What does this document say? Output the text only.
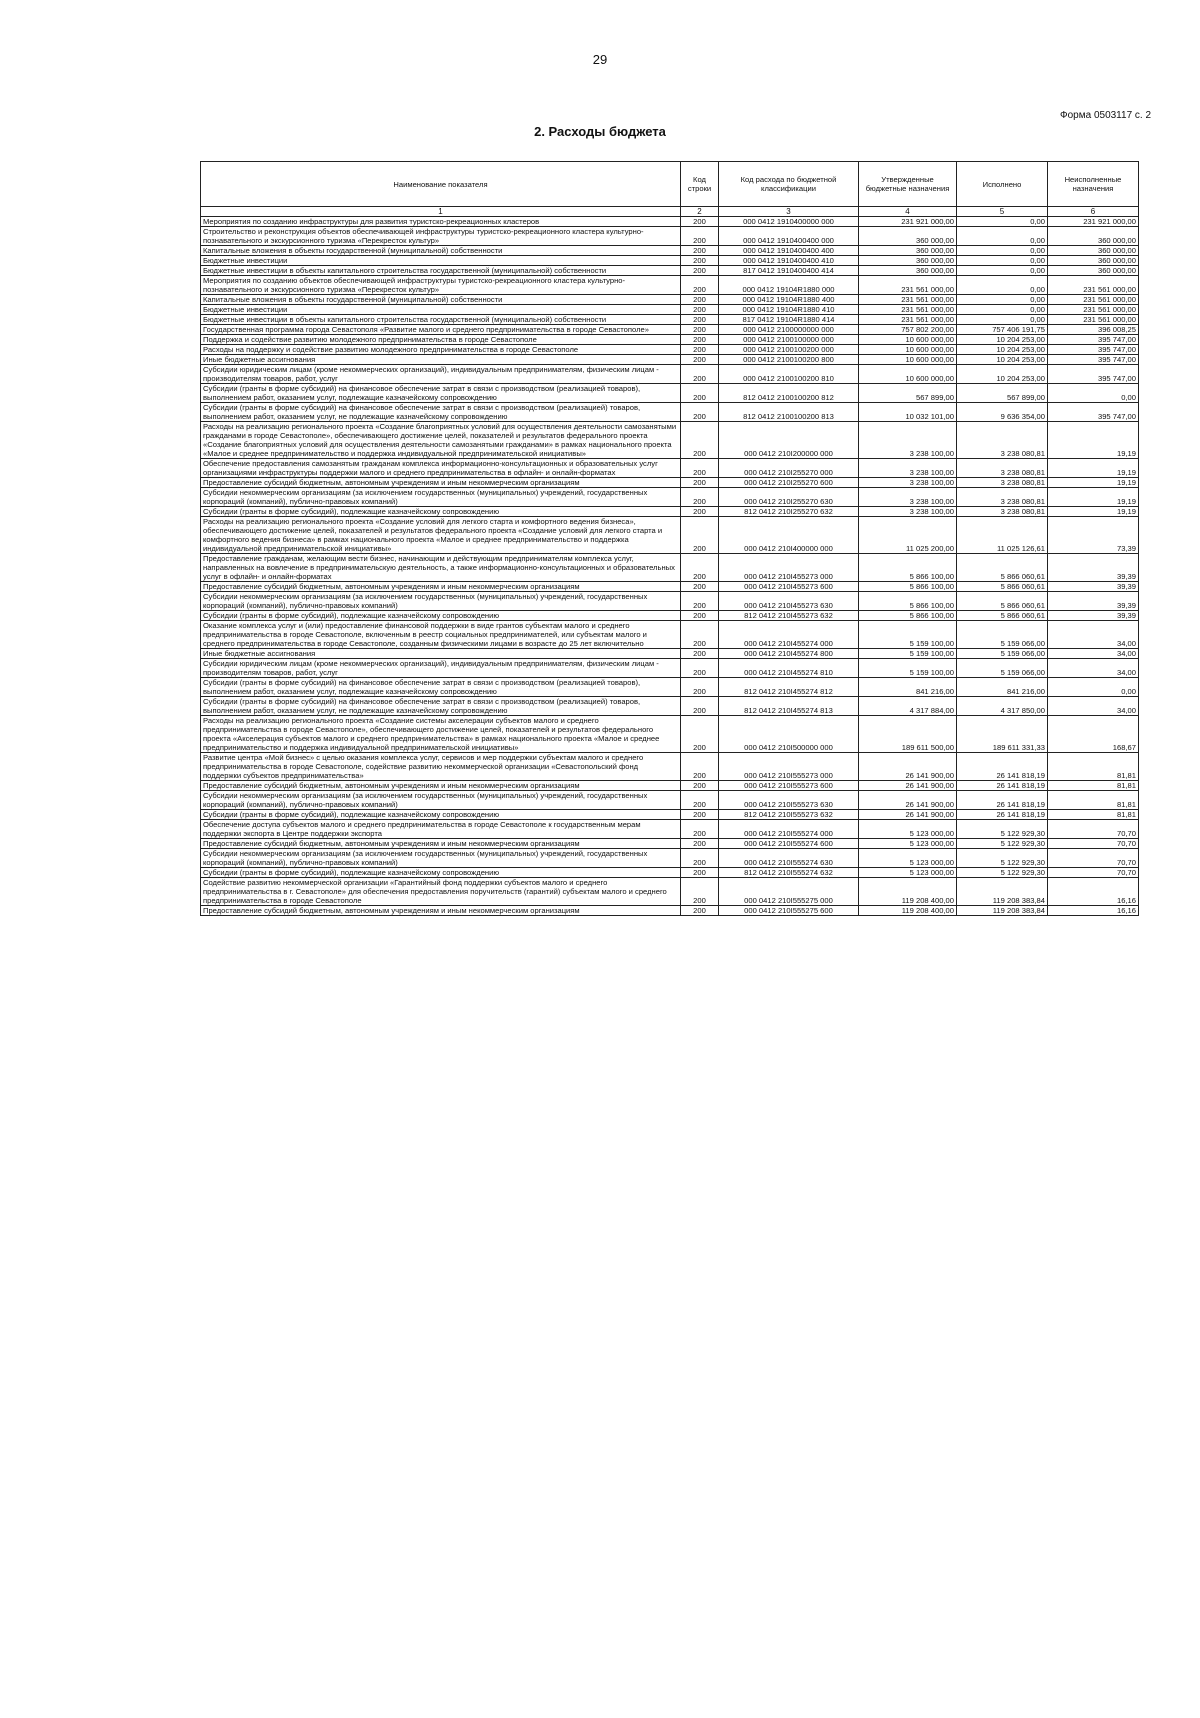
29
Форма 0503117 с. 2
2. Расходы бюджета
Наименование показателя	Код строки	Код расхода по бюджетной классификации	Утвержденные бюджетные назначения	Исполнено	Неисполненные назначения
1	2	3	4	5	6
Мероприятия по созданию инфраструктуры для развития туристско-рекреационных кластеров	200	000 0412 1910400000 000	231 921 000,00	0,00	231 921 000,00
Строительство и реконструкция объектов обеспечивающей инфраструктуры туристско-рекреационного кластера культурно-познавательного и экскурсионного туризма «Перекресток культур»	200	000 0412 1910400400 000	360 000,00	0,00	360 000,00
Капитальные вложения в объекты государственной (муниципальной) собственности	200	000 0412 1910400400 400	360 000,00	0,00	360 000,00
Бюджетные инвестиции	200	000 0412 1910400400 410	360 000,00	0,00	360 000,00
Бюджетные инвестиции в объекты капитального строительства государственной (муниципальной) собственности	200	817 0412 1910400400 414	360 000,00	0,00	360 000,00
Мероприятия по созданию объектов обеспечивающей инфраструктуры туристско-рекреационного кластера культурно-познавательного и экскурсионного туризма «Перекресток культур»	200	000 0412 19104R1880 000	231 561 000,00	0,00	231 561 000,00
Капитальные вложения в объекты государственной (муниципальной) собственности	200	000 0412 19104R1880 400	231 561 000,00	0,00	231 561 000,00
Бюджетные инвестиции	200	000 0412 19104R1880 410	231 561 000,00	0,00	231 561 000,00
Бюджетные инвестиции в объекты капитального строительства государственной (муниципальной) собственности	200	817 0412 19104R1880 414	231 561 000,00	0,00	231 561 000,00
Государственная программа города Севастополя «Развитие малого и среднего предпринимательства в городе Севастополе»	200	000 0412 2100000000 000	757 802 200,00	757 406 191,75	396 008,25
Поддержка и содействие развитию молодежного предпринимательства в городе Севастополе	200	000 0412 2100100000 000	10 600 000,00	10 204 253,00	395 747,00
Расходы на поддержку и содействие развитию молодежного предпринимательства в городе Севастополе	200	000 0412 2100100200 000	10 600 000,00	10 204 253,00	395 747,00
Иные бюджетные ассигнования	200	000 0412 2100100200 800	10 600 000,00	10 204 253,00	395 747,00
Субсидии юридическим лицам (кроме некоммерческих организаций), индивидуальным предпринимателям, физическим лицам - производителям товаров, работ, услуг	200	000 0412 2100100200 810	10 600 000,00	10 204 253,00	395 747,00
Субсидии (гранты в форме субсидий) на финансовое обеспечение затрат в связи с производством (реализацией товаров), выполнением работ, оказанием услуг, подлежащие казначейскому сопровождению	200	812 0412 2100100200 812	567 899,00	567 899,00	0,00
Субсидии (гранты в форме субсидий) на финансовое обеспечение затрат в связи с производством (реализацией) товаров, выполнением работ, оказанием услуг, не подлежащие казначейскому сопровождению	200	812 0412 2100100200 813	10 032 101,00	9 636 354,00	395 747,00
Расходы на реализацию регионального проекта «Создание благоприятных условий для осуществления деятельности самозанятыми гражданами в городе Севастополе», обеспечивающего достижение целей, показателей и результатов федерального проекта «Создание благоприятных условий для осуществления деятельности самозанятыми гражданами» в рамках национального проекта «Малое и среднее предпринимательство и поддержка индивидуальной предпринимательской инициативы»	200	000 0412 210I200000 000	3 238 100,00	3 238 080,81	19,19
Обеспечение предоставления самозанятым гражданам комплекса информационно-консультационных и образовательных услуг организациями инфраструктуры поддержки малого и среднего предпринимательства в офлайн- и онлайн-форматах	200	000 0412 210I255270 000	3 238 100,00	3 238 080,81	19,19
Предоставление субсидий бюджетным, автономным учреждениям и иным некоммерческим организациям	200	000 0412 210I255270 600	3 238 100,00	3 238 080,81	19,19
Субсидии некоммерческим организациям (за исключением государственных (муниципальных) учреждений, государственных корпораций (компаний), публично-правовых компаний)	200	000 0412 210I255270 630	3 238 100,00	3 238 080,81	19,19
Субсидии (гранты в форме субсидий), подлежащие казначейскому сопровождению	200	812 0412 210I255270 632	3 238 100,00	3 238 080,81	19,19
Расходы на реализацию регионального проекта «Создание условий для легкого старта и комфортного ведения бизнеса», обеспечивающего достижение целей, показателей и результатов федерального проекта «Создание условий для легкого старта и комфортного ведения бизнеса» в рамках национального проекта «Малое и среднее предпринимательство и поддержка индивидуальной предпринимательской инициативы»	200	000 0412 210I400000 000	11 025 200,00	11 025 126,61	73,39
Предоставление гражданам, желающим вести бизнес, начинающим и действующим предпринимателям комплекса услуг, направленных на вовлечение в предпринимательскую деятельность, а также информационно-консультационных и образовательных услуг в офлайн- и онлайн-форматах	200	000 0412 210I455273 000	5 866 100,00	5 866 060,61	39,39
Предоставление субсидий бюджетным, автономным учреждениям и иным некоммерческим организациям	200	000 0412 210I455273 600	5 866 100,00	5 866 060,61	39,39
Субсидии некоммерческим организациям (за исключением государственных (муниципальных) учреждений, государственных корпораций (компаний), публично-правовых компаний)	200	000 0412 210I455273 630	5 866 100,00	5 866 060,61	39,39
Субсидии (гранты в форме субсидий), подлежащие казначейскому сопровождению	200	812 0412 210I455273 632	5 866 100,00	5 866 060,61	39,39
Оказание комплекса услуг и (или) предоставление финансовой поддержки в виде грантов субъектам малого и среднего предпринимательства в городе Севастополе, включенным в реестр социальных предпринимателей, или субъектам малого и среднего предпринимательства в городе Севастополе, созданным физическими лицами в возрасте до 25 лет включительно	200	000 0412 210I455274 000	5 159 100,00	5 159 066,00	34,00
Иные бюджетные ассигнования	200	000 0412 210I455274 800	5 159 100,00	5 159 066,00	34,00
Субсидии юридическим лицам (кроме некоммерческих организаций), индивидуальным предпринимателям, физическим лицам - производителям товаров, работ, услуг	200	000 0412 210I455274 810	5 159 100,00	5 159 066,00	34,00
Субсидии (гранты в форме субсидий) на финансовое обеспечение затрат в связи с производством (реализацией товаров), выполнением работ, оказанием услуг, подлежащие казначейскому сопровождению	200	812 0412 210I455274 812	841 216,00	841 216,00	0,00
Субсидии (гранты в форме субсидий) на финансовое обеспечение затрат в связи с производством (реализацией) товаров, выполнением работ, оказанием услуг, не подлежащие казначейскому сопровождению	200	812 0412 210I455274 813	4 317 884,00	4 317 850,00	34,00
Расходы на реализацию регионального проекта «Создание системы акселерации субъектов малого и среднего предпринимательства в городе Севастополе», обеспечивающего достижение целей, показателей и результатов федерального проекта «Акселерация субъектов малого и среднего предпринимательства» в рамках национального проекта «Малое и среднее предпринимательство и поддержка индивидуальной предпринимательской инициативы»	200	000 0412 210I500000 000	189 611 500,00	189 611 331,33	168,67
Развитие центра «Мой бизнес» с целью оказания комплекса услуг, сервисов и мер поддержки субъектам малого и среднего предпринимательства в городе Севастополе, содействие развитию некоммерческой организации «Севастопольский фонд поддержки субъектов предпринимательства»	200	000 0412 210I555273 000	26 141 900,00	26 141 818,19	81,81
Предоставление субсидий бюджетным, автономным учреждениям и иным некоммерческим организациям	200	000 0412 210I555273 600	26 141 900,00	26 141 818,19	81,81
Субсидии некоммерческим организациям (за исключением государственных (муниципальных) учреждений, государственных корпораций (компаний), публично-правовых компаний)	200	000 0412 210I555273 630	26 141 900,00	26 141 818,19	81,81
Субсидии (гранты в форме субсидий), подлежащие казначейскому сопровождению	200	812 0412 210I555273 632	26 141 900,00	26 141 818,19	81,81
Обеспечение доступа субъектов малого и среднего предпринимательства в городе Севастополе к государственным мерам поддержки экспорта в Центре поддержки экспорта	200	000 0412 210I555274 000	5 123 000,00	5 122 929,30	70,70
Предоставление субсидий бюджетным, автономным учреждениям и иным некоммерческим организациям	200	000 0412 210I555274 600	5 123 000,00	5 122 929,30	70,70
Субсидии некоммерческим организациям (за исключением государственных (муниципальных) учреждений, государственных корпораций (компаний), публично-правовых компаний)	200	000 0412 210I555274 630	5 123 000,00	5 122 929,30	70,70
Субсидии (гранты в форме субсидий), подлежащие казначейскому сопровождению	200	812 0412 210I555274 632	5 123 000,00	5 122 929,30	70,70
Содействие развитию некоммерческой организации «Гарантийный фонд поддержки субъектов малого и среднего предпринимательства в г. Севастополе» для обеспечения предоставления поручительств (гарантий) субъектам малого и среднего предпринимательства в городе Севастополе	200	000 0412 210I555275 000	119 208 400,00	119 208 383,84	16,16
Предоставление субсидий бюджетным, автономным учреждениям и иным некоммерческим организациям	200	000 0412 210I555275 600	119 208 400,00	119 208 383,84	16,16
